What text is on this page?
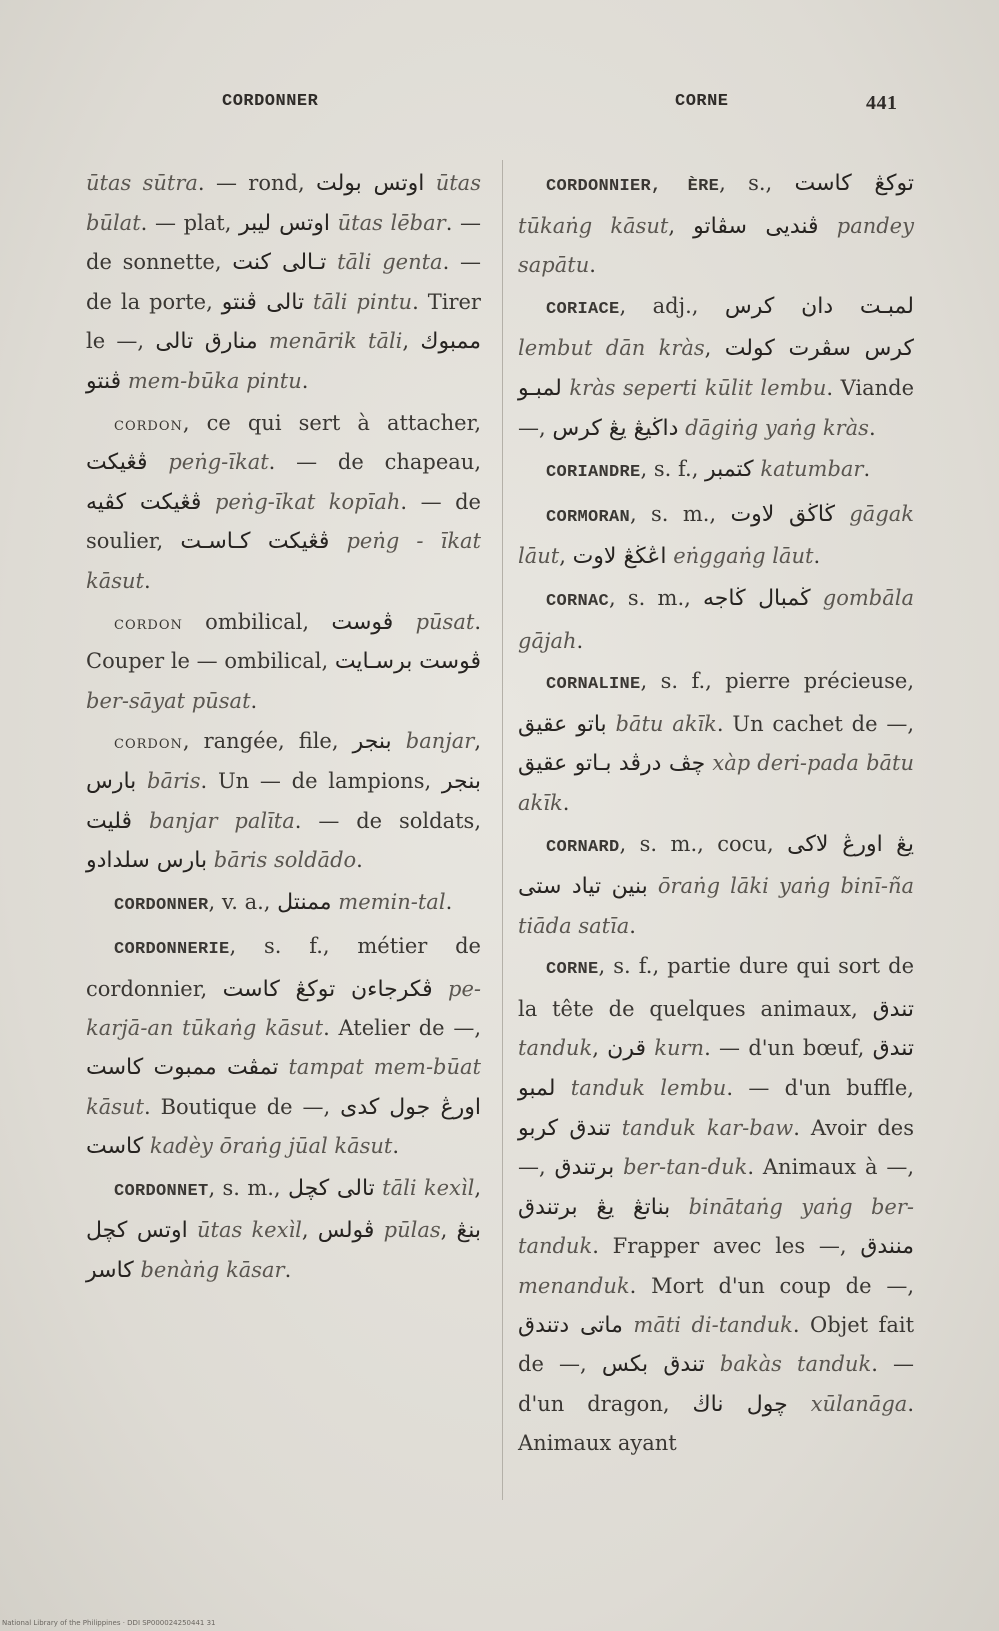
CORDONNER	CORNE	441

ūtas sūtra. — rond, اوتس بولت ūtas būlat. — plat, اوتس ليبر ūtas lēbar. — de sonnette, تـالى كنت tāli genta. — de la porte, تالى ڤنتو tāli pintu. Tirer le —, منارق تالى menārik tāli, ممبوك ڤنتو mem-būka pintu.

cordon, ce qui sert à attacher, ڤڠيكت peṅg-īkat. — de chapeau, ڤڠيكت كڤيه peṅg-īkat kopīah. — de soulier, ڤڠيكت كـاسـت peṅg - īkat kāsut.

cordon ombilical, ڤوست pūsat. Couper le — ombilical, برسـايت ڤوست ber-sāyat pūsat.

cordon, rangée, file, بنجر banjar, بارس bāris. Un — de lampions, بنجر ڤليت banjar palīta. — de soldats, بارس سلدادو bāris soldādo.

CORDONNER, v. a., ممنتل memin-tal.

CORDONNERIE, s. f., métier de cordonnier, ڤكرجاءن توكڠ كاست pe-karjā-an tūkaṅg kāsut. Atelier de —, تمڤت ممبوت كاست tampat mem-būat kāsut. Boutique de —, كدى اورڠ جول كاست kadèy ōraṅg jūal kāsut.

CORDONNET, s. m., تالى كچل tāli kexìl, اوتس كچل ūtas kexìl, ڤولس pūlas, بنڠ كاسر benàṅg kāsar.

CORDONNIER, ÈRE, s., توكڠ كاست tūkaṅg kāsut, ڤنديى سڤاتو pandey sapātu.

CORIACE, adj., لمبـت دان كرس lembut dān kràs, كرس سڤرت كولت لمبـو kràs seperti kūlit lembu. Viande —, داڬيڠ يڠ كرس dāgiṅg yaṅg kràs.

CORIANDRE, s. f., كتمبر katumbar.

CORMORAN, s. m., ڬاڬق لاوت gāgak lāut, اڠڬڠ لاوت eṅggaṅg lāut.

CORNAC, s. m., ڬمبال ڬاجه gombāla gājah.

CORNALINE, s. f., pierre précieuse, باتو عقيق bātu akīk. Un cachet de —, چڤ درڤد بـاتو عقيق xàp deri-pada bātu akīk.

CORNARD, s. m., cocu, اورڠ لاكى يڠ بنين تياد ستى ōraṅg lāki yaṅg binī-ña tiāda satīa.

CORNE, s. f., partie dure qui sort de la tête de quelques animaux, تندق tanduk, قرن kurn. — d'un bœuf, تندق لمبو tanduk lembu. — d'un buffle, تندق كربو tanduk kar-baw. Avoir des —, برتندق ber-tan-duk. Animaux à —, بناتڠ يڠ برتندق binātaṅg yaṅg ber-tanduk. Frapper avec les —, منندق menanduk. Mort d'un coup de —, ماتى دتندق māti di-tanduk. Objet fait de —, بكس تندق bakàs tanduk. — d'un dragon, چول ناڬ xūlanāga. Animaux ayant

National Library of the Philippines · DDI SP000024250441 31
